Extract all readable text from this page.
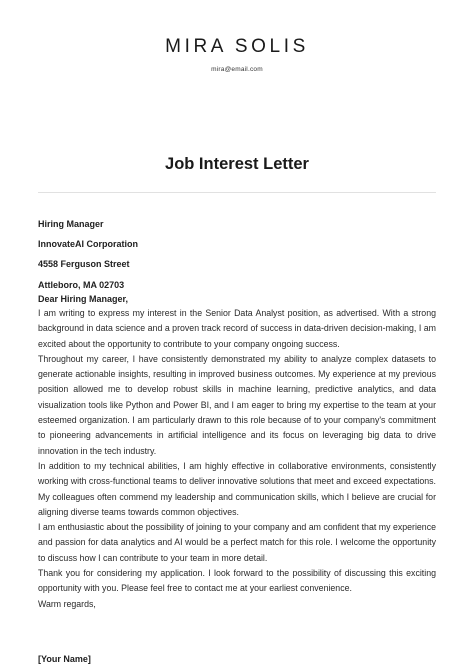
MIRA SOLIS
mira@email.com
Job Interest Letter
Hiring Manager
InnovateAI Corporation
4558 Ferguson Street
Attleboro, MA 02703
Dear Hiring Manager,

I am writing to express my interest in the Senior Data Analyst position, as advertised. With a strong background in data science and a proven track record of success in data-driven decision-making, I am excited about the opportunity to contribute to your company ongoing success.

Throughout my career, I have consistently demonstrated my ability to analyze complex datasets to generate actionable insights, resulting in improved business outcomes. My experience at my previous position allowed me to develop robust skills in machine learning, predictive analytics, and data visualization tools like Python and Power BI, and I am eager to bring my expertise to the team at your esteemed organization. I am particularly drawn to this role because of to your company's commitment to pioneering advancements in artificial intelligence and its focus on leveraging big data to drive innovation in the tech industry.

In addition to my technical abilities, I am highly effective in collaborative environments, consistently working with cross-functional teams to deliver innovative solutions that meet and exceed expectations. My colleagues often commend my leadership and communication skills, which I believe are crucial for aligning diverse teams towards common objectives.

I am enthusiastic about the possibility of joining to your company and am confident that my experience and passion for data analytics and AI would be a perfect match for this role. I welcome the opportunity to discuss how I can contribute to your team in more detail.

Thank you for considering my application. I look forward to the possibility of discussing this exciting opportunity with you. Please feel free to contact me at your earliest convenience.

Warm regards,

[Your Name]
